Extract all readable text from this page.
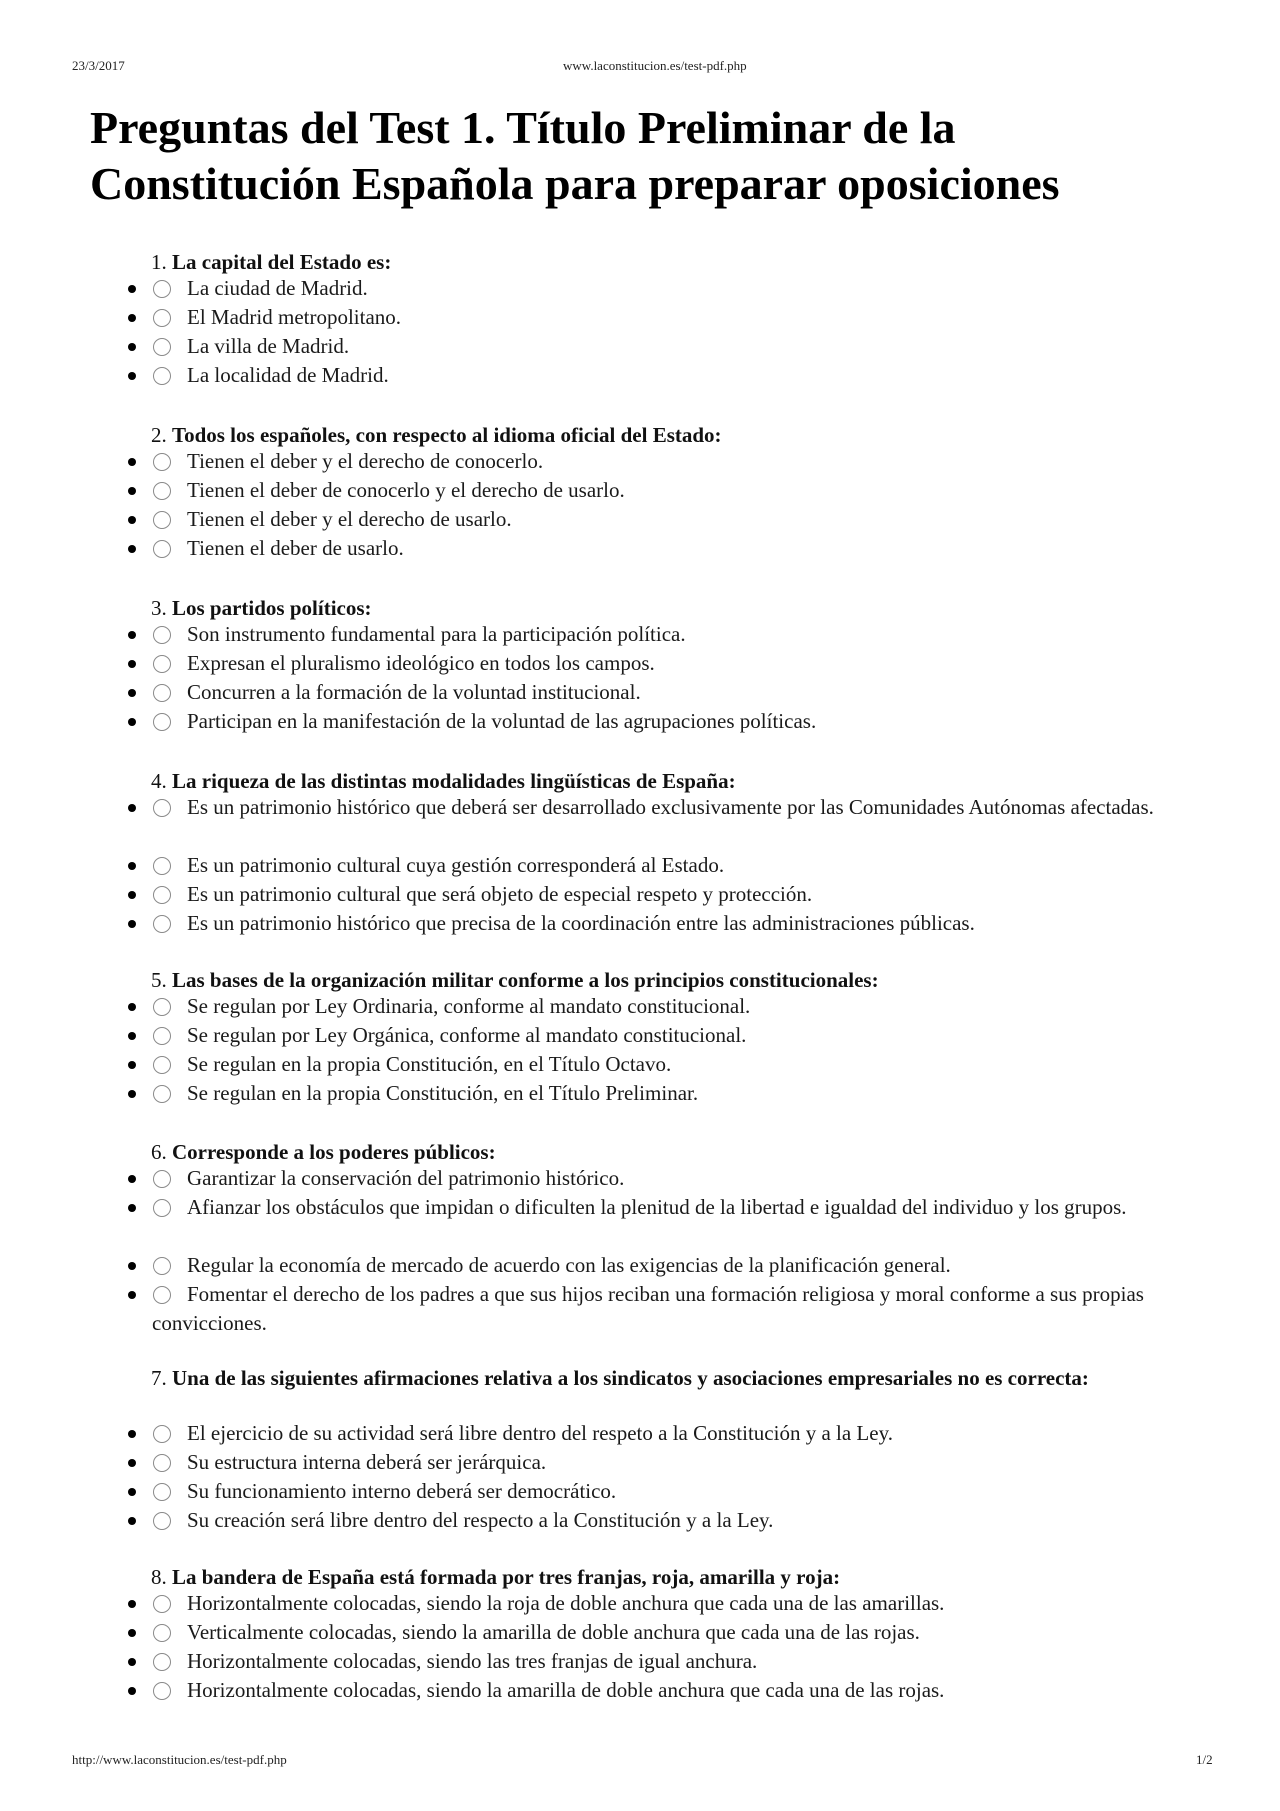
23/3/2017	www.laconstitucion.es/test-pdf.php
Preguntas del Test 1. Título Preliminar de la Constitución Española para preparar oposiciones
1. La capital del Estado es:
La ciudad de Madrid.
El Madrid metropolitano.
La villa de Madrid.
La localidad de Madrid.
2. Todos los españoles, con respecto al idioma oficial del Estado:
Tienen el deber y el derecho de conocerlo.
Tienen el deber de conocerlo y el derecho de usarlo.
Tienen el deber y el derecho de usarlo.
Tienen el deber de usarlo.
3. Los partidos políticos:
Son instrumento fundamental para la participación política.
Expresan el pluralismo ideológico en todos los campos.
Concurren a la formación de la voluntad institucional.
Participan en la manifestación de la voluntad de las agrupaciones políticas.
4. La riqueza de las distintas modalidades lingüísticas de España:
Es un patrimonio histórico que deberá ser desarrollado exclusivamente por las Comunidades Autónomas afectadas.
Es un patrimonio cultural cuya gestión corresponderá al Estado.
Es un patrimonio cultural que será objeto de especial respeto y protección.
Es un patrimonio histórico que precisa de la coordinación entre las administraciones públicas.
5. Las bases de la organización militar conforme a los principios constitucionales:
Se regulan por Ley Ordinaria, conforme al mandato constitucional.
Se regulan por Ley Orgánica, conforme al mandato constitucional.
Se regulan en la propia Constitución, en el Título Octavo.
Se regulan en la propia Constitución, en el Título Preliminar.
6. Corresponde a los poderes públicos:
Garantizar la conservación del patrimonio histórico.
Afianzar los obstáculos que impidan o dificulten la plenitud de la libertad e igualdad del individuo y los grupos.
Regular la economía de mercado de acuerdo con las exigencias de la planificación general.
Fomentar el derecho de los padres a que sus hijos reciban una formación religiosa y moral conforme a sus propias convicciones.
7. Una de las siguientes afirmaciones relativa a los sindicatos y asociaciones empresariales no es correcta:
El ejercicio de su actividad será libre dentro del respeto a la Constitución y a la Ley.
Su estructura interna deberá ser jerárquica.
Su funcionamiento interno deberá ser democrático.
Su creación será libre dentro del respecto a la Constitución y a la Ley.
8. La bandera de España está formada por tres franjas, roja, amarilla y roja:
Horizontalmente colocadas, siendo la roja de doble anchura que cada una de las amarillas.
Verticalmente colocadas, siendo la amarilla de doble anchura que cada una de las rojas.
Horizontalmente colocadas, siendo las tres franjas de igual anchura.
Horizontalmente colocadas, siendo la amarilla de doble anchura que cada una de las rojas.
http://www.laconstitucion.es/test-pdf.php	1/2
